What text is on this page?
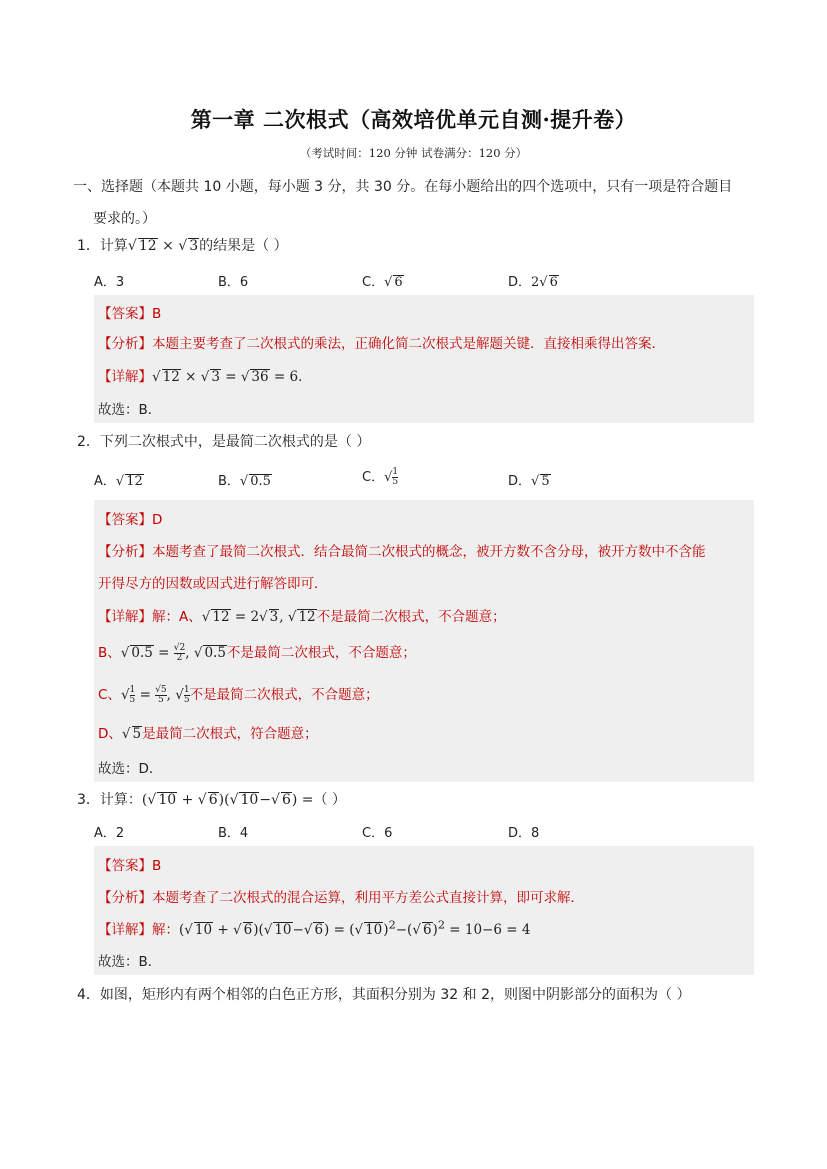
第一章 二次根式（高效培优单元自测·提升卷）
（考试时间：120 分钟 试卷满分：120 分）
一、选择题（本题共 10 小题，每小题 3 分，共 30 分。在每小题给出的四个选项中，只有一项是符合题目
要求的。）
1．计算√ 12 × √ 3的结果是（ ）
A．3	B．6	C．√ 6	D．2√ 6
【答案】B
【分析】本题主要考查了二次根式的乘法，正确化简二次根式是解题关键．直接相乘得出答案．
【详解】√ 12 × √ 3 = √ 36 = 6．
故选：B．
2．下列二次根式中，是最简二次根式的是（ ）
A．√ 12	B．√ 0.5	C．√ $\frac{1}{5}$	D．√ 5
【答案】D
【分析】本题考查了最简二次根式．结合最简二次根式的概念，被开方数不含分母，被开方数中不含能
开得尽方的因数或因式进行解答即可．
【详解】解：A、√ 12 = 2√ 3, √ 12不是最简二次根式，不合题意；
B、√ $0.5 = \frac{√2}{2}$ , √ 0.5不是最简二次根式，不合题意；
C、√ $\frac{1}{5} = \frac{√5}{5}$ , √ $\frac{1}{5}$ 不是最简二次根式，不合题意；
D、√ 5是最简二次根式，符合题意；
故选：D．
3．计算：(√ 10 + √ 6)(√ 10−√ 6) =（ ）
A．2	B．4	C．6	D．8
【答案】B
【分析】本题考查了二次根式的混合运算，利用平方差公式直接计算，即可求解．
【详解】解：(√ 10 + √ 6)(√ 10−√ 6) = (√ 10)$^2$−(√ 6)$^2$ = 10−6 = 4
故选：B．
4．如图，矩形内有两个相邻的白色正方形，其面积分别为 32 和 2，则图中阴影部分的面积为（ ）
